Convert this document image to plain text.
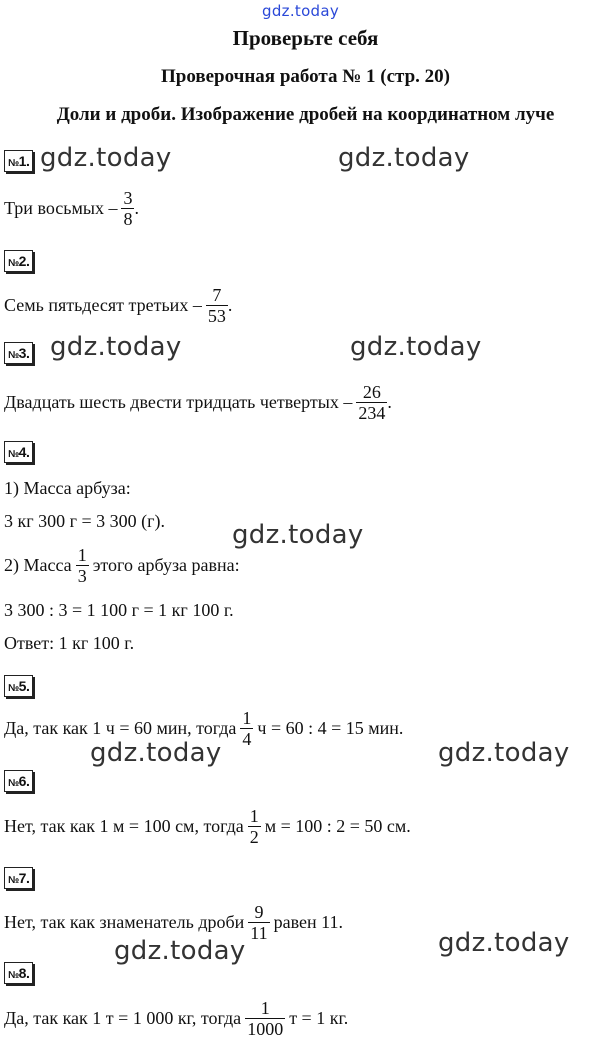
gdz.today
gdz.today	gdz.today
gdz.today	gdz.today
gdz.today
gdz.today	gdz.today
gdz.today
gdz.today
Проверьте себя
Проверочная работа № 1 (стр. 20)
Доли и дроби. Изображение дробей на координатном луче
№1.
Три восьмых – $\frac{3}{8}$ .
№2.
Семь пятьдесят третьих – $\frac{7}{53}$ .
№3.
Двадцать шесть двести тридцать четвертых – $\frac{26}{234}$ .
№4.
1) Масса арбуза:
3 кг 300 г = 3 300 (г).
2) Масса $\frac{1}{3}$ этого арбуза равна:
3 300 : 3 = 1 100 г = 1 кг 100 г.
Ответ: 1 кг 100 г.
№5.
Да, так как 1 ч = 60 мин, тогда $\frac{1}{4}$ ч = 60 : 4 = 15 мин.
№6.
Нет, так как 1 м = 100 см, тогда $\frac{1}{2}$ м = 100 : 2 = 50 см.
№7.
Нет, так как знаменатель дроби $\frac{9}{11}$ равен 11.
№8.
Да, так как 1 т = 1 000 кг, тогда $\frac{1}{1000}$ т = 1 кг.
